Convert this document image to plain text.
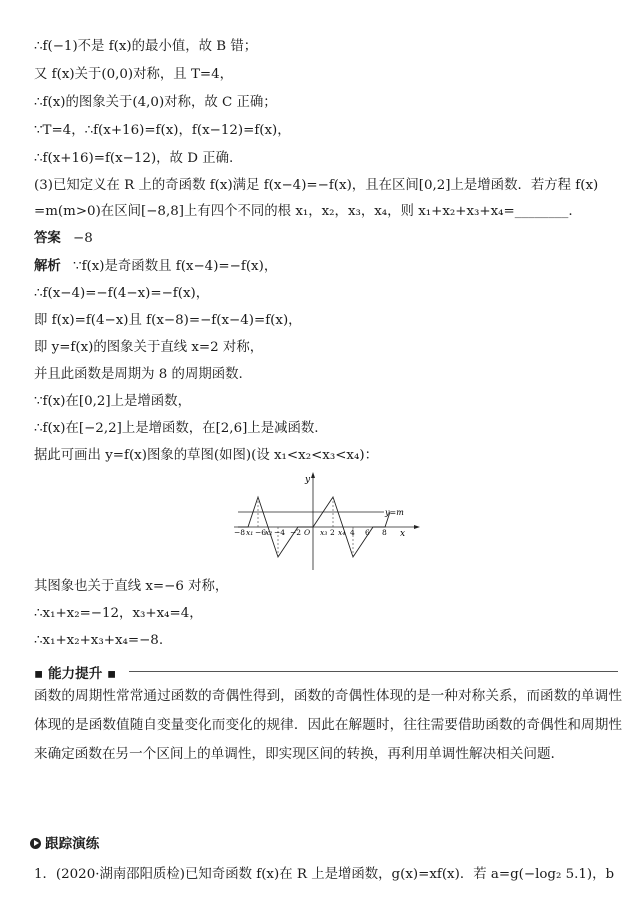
∴f(−1)不是 f(x)的最小值，故 B 错；
又 f(x)关于(0,0)对称，且 T=4，
∴f(x)的图象关于(4,0)对称，故 C 正确；
∵T=4，∴f(x+16)=f(x)，f(x−12)=f(x)，
∴f(x+16)=f(x−12)，故 D 正确.
(3)已知定义在 R 上的奇函数 f(x)满足 f(x−4)=−f(x)，且在区间[0,2]上是增函数．若方程 f(x)
=m(m>0)在区间[−8,8]上有四个不同的根 x₁，x₂，x₃，x₄，则 x₁+x₂+x₃+x₄=________.
答案 −8
解析 ∵f(x)是奇函数且 f(x−4)=−f(x)，
∴f(x−4)=−f(4−x)=−f(x)，
即 f(x)=f(4−x)且 f(x−8)=−f(x−4)=f(x)，
即 y=f(x)的图象关于直线 x=2 对称，
并且此函数是周期为 8 的周期函数.
∵f(x)在[0,2]上是增函数，
∴f(x)在[−2,2]上是增函数，在[2,6]上是减函数.
据此可画出 y=f(x)图象的草图(如图)(设 x₁<x₂<x₃<x₄)：
y
x
y=m
−8 x₁ −6
x₂ −4 −2 O x₃ 2 x₄ 4 6 8
其图象也关于直线 x=−6 对称，
∴x₁+x₂=−12，x₃+x₄=4，
∴x₁+x₂+x₃+x₄=−8.
▪ 能力提升 ▪
函数的周期性常常通过函数的奇偶性得到，函数的奇偶性体现的是一种对称关系，而函数的单调性体现的是函数值随自变量变化而变化的规律．因此在解题时，往往需要借助函数的奇偶性和周期性来确定函数在另一个区间上的单调性，即实现区间的转换，再利用单调性解决相关问题.
跟踪演练
1．(2020·湖南邵阳质检)已知奇函数 f(x)在 R 上是增函数，g(x)=xf(x)．若 a=g(−log₂ 5.1)，b
